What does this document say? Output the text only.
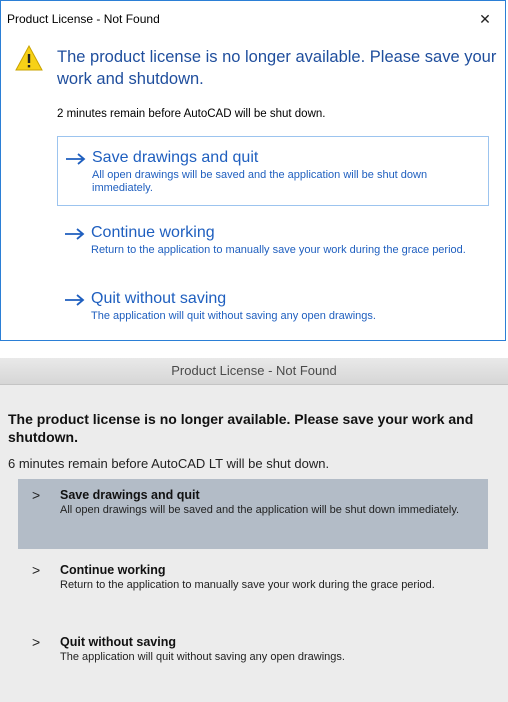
Product License - Not Found	✕
The product license is no longer available. Please save your work and shutdown.
2 minutes remain before AutoCAD will be shut down.
Save drawings and quit
All open drawings will be saved and the application will be shut down immediately.
Continue working
Return to the application to manually save your work during the grace period.
Quit without saving
The application will quit without saving any open drawings.
Product License - Not Found
The product license is no longer available. Please save your work and shutdown.
6 minutes remain before AutoCAD LT will be shut down.
>	Save drawings and quit
All open drawings will be saved and the application will be shut down immediately.
>	Continue working
Return to the application to manually save your work during the grace period.
>	Quit without saving
The application will quit without saving any open drawings.
